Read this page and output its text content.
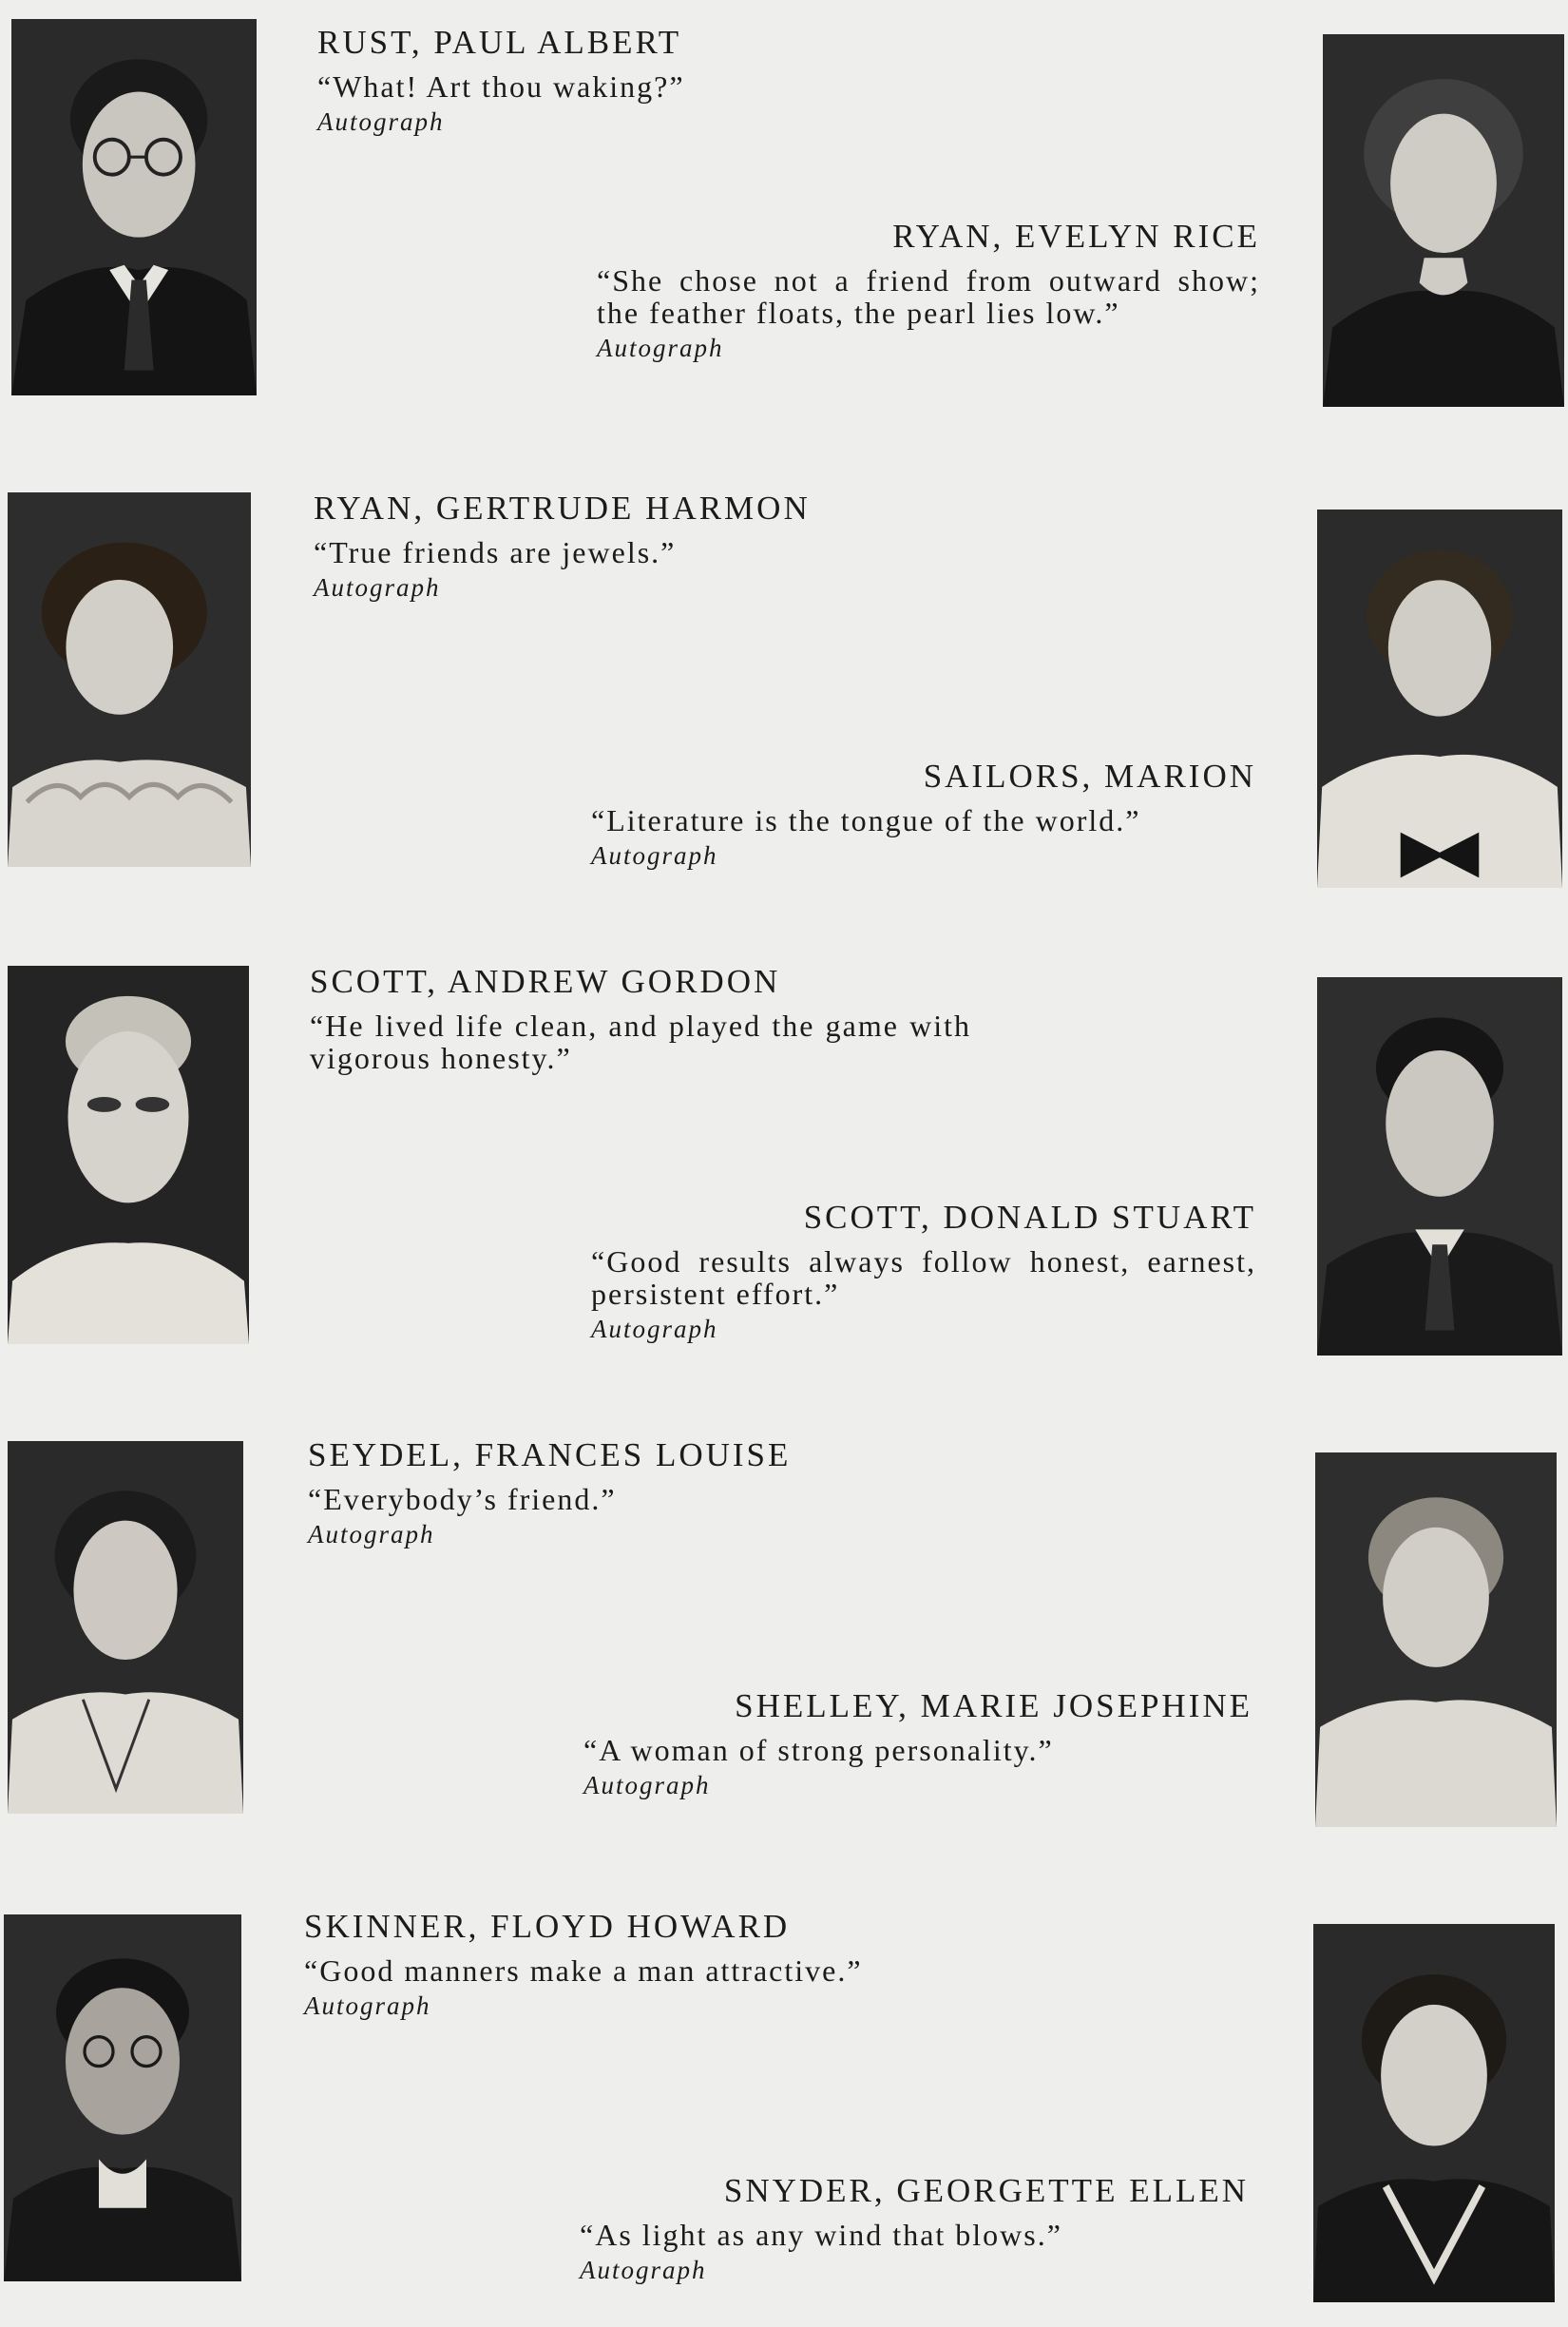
RUST, PAUL ALBERT
“What! Art thou waking?”
Autograph
RYAN, EVELYN RICE
“She chose not a friend from outward show; the feather floats, the pearl lies low.”
Autograph
RYAN, GERTRUDE HARMON
“True friends are jewels.”
Autograph
SAILORS, MARION
“Literature is the tongue of the world.”
Autograph
SCOTT, ANDREW GORDON
“He lived life clean, and played the game with vigorous honesty.”
SCOTT, DONALD STUART
“Good results always follow honest, earnest, persistent effort.”
Autograph
SEYDEL, FRANCES LOUISE
“Everybody’s friend.”
Autograph
SHELLEY, MARIE JOSEPHINE
“A woman of strong personality.”
Autograph
SKINNER, FLOYD HOWARD
“Good manners make a man attractive.”
Autograph
SNYDER, GEORGETTE ELLEN
“As light as any wind that blows.”
Autograph
